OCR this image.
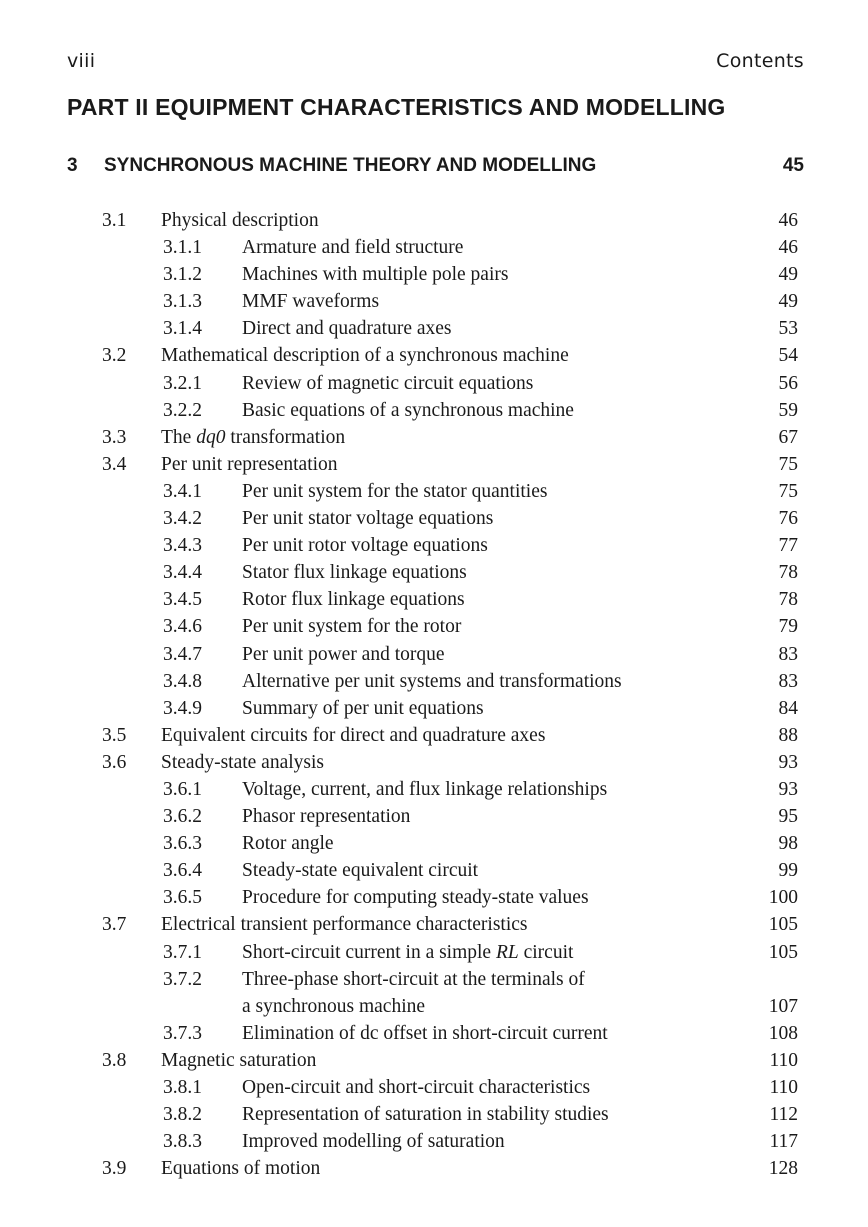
viii	Contents
PART II EQUIPMENT CHARACTERISTICS AND MODELLING
3 SYNCHRONOUS MACHINE THEORY AND MODELLING	45
3.1 Physical description	46
3.1.1 Armature and field structure	46
3.1.2 Machines with multiple pole pairs	49
3.1.3 MMF waveforms	49
3.1.4 Direct and quadrature axes	53
3.2 Mathematical description of a synchronous machine	54
3.2.1 Review of magnetic circuit equations	56
3.2.2 Basic equations of a synchronous machine	59
3.3 The dq0 transformation	67
3.4 Per unit representation	75
3.4.1 Per unit system for the stator quantities	75
3.4.2 Per unit stator voltage equations	76
3.4.3 Per unit rotor voltage equations	77
3.4.4 Stator flux linkage equations	78
3.4.5 Rotor flux linkage equations	78
3.4.6 Per unit system for the rotor	79
3.4.7 Per unit power and torque	83
3.4.8 Alternative per unit systems and transformations	83
3.4.9 Summary of per unit equations	84
3.5 Equivalent circuits for direct and quadrature axes	88
3.6 Steady-state analysis	93
3.6.1 Voltage, current, and flux linkage relationships	93
3.6.2 Phasor representation	95
3.6.3 Rotor angle	98
3.6.4 Steady-state equivalent circuit	99
3.6.5 Procedure for computing steady-state values	100
3.7 Electrical transient performance characteristics	105
3.7.1 Short-circuit current in a simple RL circuit	105
3.7.2 Three-phase short-circuit at the terminals of
a synchronous machine	107
3.7.3 Elimination of dc offset in short-circuit current	108
3.8 Magnetic saturation	110
3.8.1 Open-circuit and short-circuit characteristics	110
3.8.2 Representation of saturation in stability studies	112
3.8.3 Improved modelling of saturation	117
3.9 Equations of motion	128
